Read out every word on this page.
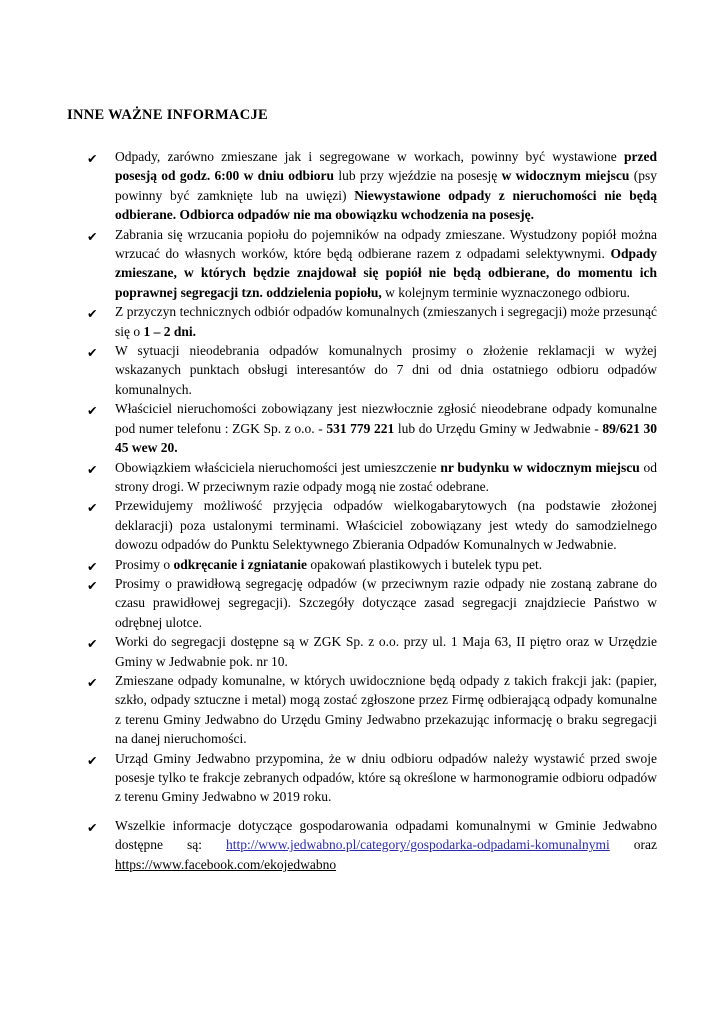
INNE WAŻNE INFORMACJE
✔ Odpady, zarówno zmieszane jak i segregowane w workach, powinny być wystawione przed posesją od godz. 6:00 w dniu odbioru lub przy wjeździe na posesję w widocznym miejscu (psy powinny być zamknięte lub na uwięzi) Niewystawione odpady z nieruchomości nie będą odbierane. Odbiorca odpadów nie ma obowiązku wchodzenia na posesję.

✔ Zabrania się wrzucania popiołu do pojemników na odpady zmieszane. Wystudzony popiół można wrzucać do własnych worków, które będą odbierane razem z odpadami selektywnymi. Odpady zmieszane, w których będzie znajdował się popiół nie będą odbierane, do momentu ich poprawnej segregacji tzn. oddzielenia popiołu, w kolejnym terminie wyznaczonego odbioru.

✔ Z przyczyn technicznych odbiór odpadów komunalnych (zmieszanych i segregacji) może przesunąć się o 1 – 2 dni.

✔ W sytuacji nieodebrania odpadów komunalnych prosimy o złożenie reklamacji w wyżej wskazanych punktach obsługi interesantów do 7 dni od dnia ostatniego odbioru odpadów komunalnych.

✔ Właściciel nieruchomości zobowiązany jest niezwłocznie zgłosić nieodebrane odpady komunalne pod numer telefonu : ZGK Sp. z o.o. - 531 779 221 lub do Urzędu Gminy w Jedwabnie - 89/621 30 45 wew 20.

✔ Obowiązkiem właściciela nieruchomości jest umieszczenie nr budynku w widocznym miejscu od strony drogi. W przeciwnym razie odpady mogą nie zostać odebrane.

✔ Przewidujemy możliwość przyjęcia odpadów wielkogabarytowych (na podstawie złożonej deklaracji) poza ustalonymi terminami. Właściciel zobowiązany jest wtedy do samodzielnego dowozu odpadów do Punktu Selektywnego Zbierania Odpadów Komunalnych w Jedwabnie.

✔ Prosimy o odkręcanie i zgniatanie opakowań plastikowych i butelek typu pet.

✔ Prosimy o prawidłową segregację odpadów (w przeciwnym razie odpady nie zostaną zabrane do czasu prawidłowej segregacji). Szczegóły dotyczące zasad segregacji znajdziecie Państwo w odrębnej ulotce.

✔ Worki do segregacji dostępne są w ZGK Sp. z o.o. przy ul. 1 Maja 63, II piętro oraz w Urzędzie Gminy w Jedwabnie pok. nr 10.

✔ Zmieszane odpady komunalne, w których uwidocznione będą odpady z takich frakcji jak: (papier, szkło, odpady sztuczne i metal) mogą zostać zgłoszone przez Firmę odbierającą odpady komunalne z terenu Gminy Jedwabno do Urzędu Gminy Jedwabno przekazując informację o braku segregacji na danej nieruchomości.

✔ Urząd Gminy Jedwabno przypomina, że w dniu odbioru odpadów należy wystawić przed swoje posesje tylko te frakcje zebranych odpadów, które są określone w harmonogramie odbioru odpadów z terenu Gminy Jedwabno w 2019 roku.

✔ Wszelkie informacje dotyczące gospodarowania odpadami komunalnymi w Gminie Jedwabno dostępne są: http://www.jedwabno.pl/category/gospodarka-odpadami-komunalnymi oraz https://www.facebook.com/ekojedwabno
